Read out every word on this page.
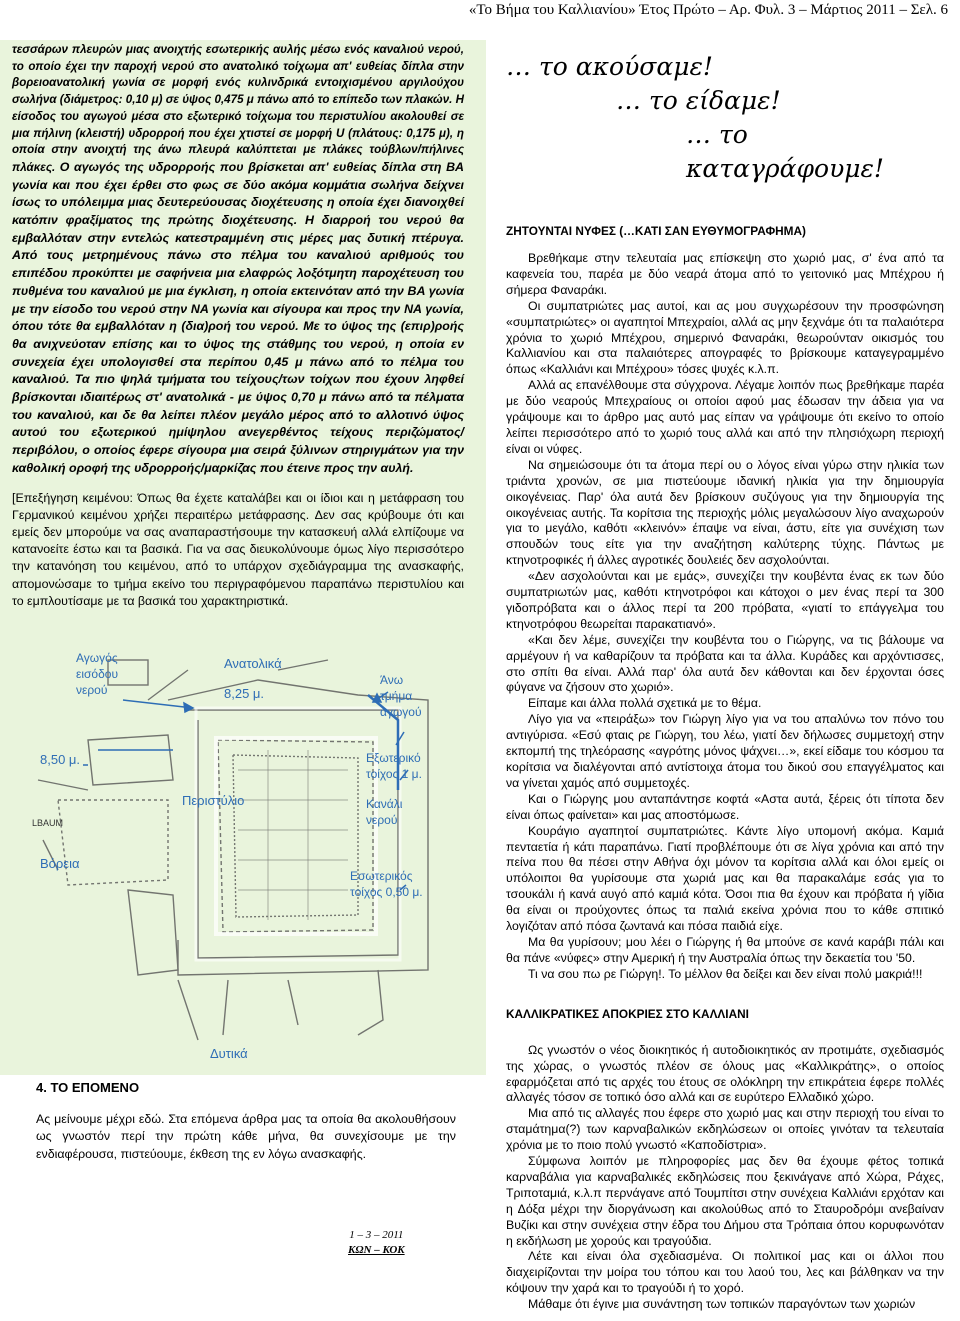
«Το Βήμα του Καλλιανίου» Έτος Πρώτο – Αρ. Φυλ. 3 – Μάρτιος 2011 – Σελ. 6

τεσσάρων πλευρών μιας ανοιχτής εσωτερικής αυλής μέσω ενός καναλιού νερού, το οποίο έχει την παροχή νερού στο ανατολικό τοίχωμα απ' ευθείας δίπλα στην βορειοανατολική γωνία σε μορφή ενός κυλινδρικά εντοιχισμένου αργιλούχου σωλήνα (διάμετρος: 0,10 μ) σε ύψος 0,475 μ πάνω από το επίπεδο των πλακών. Η είσοδος του αγωγού μέσα στο εξωτερικό τοίχωμα του περιστυλίου ακολουθεί σε μια πήλινη (κλειστή) υδρορροή που έχει χτιστεί σε μορφή U (πλάτους: 0,175 μ), η οποία στην ανοιχτή της άνω πλευρά καλύπτεται με πλάκες τούβλων/πήλινες πλάκες. Ο αγωγός της υδρορροής που βρίσκεται απ' ευθείας δίπλα στη ΒΑ γωνία και που έχει έρθει στο φως σε δύο ακόμα κομμάτια σωλήνα δείχνει ίσως το υπόλειμμα μιας δευτερεύουσας διοχέτευσης η οποία έχει διανοιχθεί κατόπιν φραξίματος της πρώτης διοχέτευσης. Η διαρροή του νερού θα εμβαλλόταν στην εντελώς κατεστραμμένη στις μέρες μας δυτική πτέρυγα. Από τους μετρημένους πάνω στο πέλμα του καναλιού αριθμούς του επιπέδου προκύπτει με σαφήνεια μια ελαφρώς λοξότμητη παροχέτευση του πυθμένα του καναλιού με μια έγκλιση, η οποία εκτεινόταν από την ΒΑ γωνία με την είσοδο του νερού στην ΝΑ γωνία και σίγουρα και προς την ΝΑ γωνία, όπου τότε θα εμβαλλόταν η (δια)ροή του νερού. Με το ύψος της (επιρ)ροής θα ανιχνεύοταν επίσης και το ύψος της στάθμης του νερού, η οποία εν συνεχεία έχει υπολογισθεί στα περίπου 0,45 μ πάνω από το πέλμα του καναλιού. Τα πιο ψηλά τμήματα του τείχους/των τοίχων που έχουν ληφθεί βρίσκονται ιδιαιτέρως στ' ανατολικά - με ύψος 0,70 μ πάνω από τα πέλματα του καναλιού, και δε θα λείπει πλέον μεγάλο μέρος από το αλλοτινό ύψος αυτού του εξωτερικού ημίψηλου ανεγερθέντος τείχους περιζώματος/περιβόλου, ο οποίος έφερε σίγουρα μια σειρά ξύλινων στηριγμάτων για την καθολική οροφή της υδρορροής/μαρκίζας που έτεινε προς την αυλή.

[Επεξήγηση κειμένου: Όπως θα έχετε καταλάβει και οι ίδιοι και η μετάφραση του Γερμανικού κειμένου χρήζει περαιτέρω μετάφρασης. Δεν σας κρύβουμε ότι και εμείς δεν μπορούμε να σας αναπαραστήσουμε την κατασκευή αλλά ελπίζουμε να κατανοείτε έστω και τα βασικά. Για να σας διευκολύνουμε όμως λίγο περισσότερο την κατανόηση του κειμένου, από το υπάρχον σχεδιάγραμμα της ανασκαφής, απομονώσαμε το τμήμα εκείνο του περιγραφόμενου παραπάνω περιστυλίου και το εμπλουτίσαμε με τα βασικά του χαρακτηριστικά.

Αγωγός
εισόδου
νερού
Ανατολικά
8,25 μ.
8,50 μ.
Άνω
τμήμα
αγωγού
Εξωτερικό
τοίχος 1 μ.
Περιστύλιο	Κανάλι
νερού
Βόρεια
Εσωτερικός
τοίχος 0,50 μ.
Δυτικά
LBAUM
4. ΤΟ ΕΠΟΜΕΝΟ

Ας μείνουμε μέχρι εδώ. Στα επόμενα άρθρα μας τα οποία θα ακολουθήσουν ως γνωστόν περί την πρώτη κάθε μήνα, θα συνεχίσουμε με την ενδιαφέρουσα, πιστεύουμε, έκθεση της εν λόγω ανασκαφής.

1 – 3 – 2011
ΚΩΝ – ΚΟΚ
… το ακούσαμε!
… το είδαμε!
… το καταγράφουμε!

ΖΗΤΟΥΝΤΑΙ ΝΥΦΕΣ (…ΚΑΤΙ ΣΑΝ ΕΥΘΥΜΟΓΡΑΦΗΜΑ)

Βρεθήκαμε στην τελευταία μας επίσκεψη στο χωριό μας, σ' ένα από τα καφενεία του, παρέα με δύο νεαρά άτομα από το γειτονικό μας Μπέχρου ή σήμερα Φαναράκι.

Οι συμπατριώτες μας αυτοί, και ας μου συγχωρέσουν την προσφώνηση «συμπατριώτες» οι αγαπητοί Μπεχραίοι, αλλά ας μην ξεχνάμε ότι τα παλαιότερα χρόνια το χωριό Μπέχρου, σημερινό Φαναράκι, θεωρούνταν οικισμός του Καλλιανίου και στα παλαιότερες απογραφές το βρίσκουμε καταγεγραμμένο όπως «Καλλιάνι και Μπέχρου» τόσες ψυχές κ.λ.π.

Αλλά ας επανέλθουμε στα σύγχρονα. Λέγαμε λοιπόν πως βρεθήκαμε παρέα με δύο νεαρούς Μπεχραίους οι οποίοι αφού μας έδωσαν την άδεια για να γράψουμε και το άρθρο μας αυτό μας είπαν να γράψουμε ότι εκείνο το οποίο λείπει περισσότερο από το χωριό τους αλλά και από την πλησιόχωρη περιοχή είναι οι νύφες.

Να σημειώσουμε ότι τα άτομα περί ου ο λόγος είναι γύρω στην ηλικία των τριάντα χρονών, σε μια πιστεύουμε ιδανική ηλικία για την δημιουργία οικογένειας. Παρ' όλα αυτά δεν βρίσκουν συζύγους για την δημιουργία της οικογένειας αυτής. Τα κορίτσια της περιοχής μόλις μεγαλώσουν λίγο αναχωρούν για το μεγάλο, καθότι «κλεινόν» έπαψε να είναι, άστυ, είτε για συνέχιση των σπουδών τους είτε για την αναζήτηση καλύτερης τύχης. Πάντως με κτηνοτροφικές ή άλλες αγροτικές δουλειές δεν ασχολούνται.

«Δεν ασχολούνται και με εμάς», συνεχίζει την κουβέντα ένας εκ των δύο συμπατριωτών μας, καθότι κτηνοτρόφοι και κάτοχοι ο μεν ένας περί τα 300 γιδοπρόβατα και ο άλλος περί τα 200 πρόβατα, «γιατί το επάγγελμα του κτηνοτρόφου θεωρείται παρακατιανό».

«Και δεν λέμε, συνεχίζει την κουβέντα του ο Γιώργης, να τις βάλουμε να αρμέγουν ή να καθαρίζουν τα πρόβατα και τα άλλα. Κυράδες και αρχόντισσες, στο σπίτι θα είναι. Αλλά παρ' όλα αυτά δεν κάθονται και δεν έρχονται όσες φύγανε να ζήσουν στο χωριό».

Είπαμε και άλλα πολλά σχετικά με το θέμα.

Λίγο για να «πειράξω» τον Γιώργη λίγο για να του απαλύνω τον πόνο του αντιγύρισα. «Εσύ φταις ρε Γιώργη, του λέω, γιατί δεν δήλωσες συμμετοχή στην εκπομπή της τηλεόρασης «αγρότης μόνος ψάχνει…», εκεί είδαμε του κόσμου τα κορίτσια να διαλέγονται από αντίστοιχα άτομα του δικού σου επαγγέλματος και να γίνεται χαμός από συμμετοχές.

Και ο Γιώργης μου ανταπάντησε κοφτά «Αστα αυτά, ξέρεις ότι τίποτα δεν είναι όπως φαίνεται» και μας αποστόμωσε.

Κουράγιο αγαπητοί συμπατριώτες. Κάντε λίγο υπομονή ακόμα. Καμιά πενταετία ή κάτι παραπάνω. Γιατί προβλέπουμε ότι σε λίγα χρόνια και από την πείνα που θα πέσει στην Αθήνα όχι μόνον τα κορίτσια αλλά και όλοι εμείς οι υπόλοιποι θα γυρίσουμε στα χωριά μας και θα παρακαλάμε εσάς για το τσουκάλι ή κανά αυγό από καμιά κότα. Όσοι πια θα έχουν και πρόβατα ή γίδια θα είναι οι προύχοντες όπως τα παλιά εκείνα χρόνια που το κάθε σπιτικό λογιζόταν από πόσα ζωντανά και πόσα παιδιά είχε.

Μα θα γυρίσουν; μου λέει ο Γιώργης ή θα μπούνε σε κανά καράβι πάλι και θα πάνε «νύφες» στην Αμερική ή την Αυστραλία όπως την δεκαετία του '50.

Τι να σου πω ρε Γιώργη!. Το μέλλον θα δείξει και δεν είναι πολύ μακριά!!!

ΚΑΛΛΙΚΡΑΤΙΚΕΣ ΑΠΟΚΡΙΕΣ ΣΤΟ ΚΑΛΛΙΑΝΙ

Ως γνωστόν ο νέος διοικητικός ή αυτοδιοικητικός αν προτιμάτε, σχεδιασμός της χώρας, ο γνωστός πλέον σε όλους μας «Καλλικράτης», ο οποίος εφαρμόζεται από τις αρχές του έτους σε ολόκληρη την επικράτεια έφερε πολλές αλλαγές τόσον σε τοπικό όσο αλλά και σε ευρύτερο Ελλαδικό χώρο.

Μια από τις αλλαγές που έφερε στο χωριό μας και στην περιοχή του είναι το σταμάτημα(?) των καρναβαλικών εκδηλώσεων οι οποίες γινόταν τα τελευταία χρόνια με το ποιο πολύ γνωστό «Καποδίστρια».

Σύμφωνα λοιπόν με πληροφορίες μας δεν θα έχουμε φέτος τοπικά καρναβάλια για καρναβαλικές εκδηλώσεις που ξεκινάγανε από Χώρα, Ράχες, Τριποταμιά, κ.λ.π περνάγανε από Τουμπίτσι στην συνέχεια Καλλιάνι ερχόταν και η Δόξα μέχρι την διοργάνωση και ακολούθως από το Σταυροδρόμι ανεβαίναν Βυζίκι και στην συνέχεια στην έδρα του Δήμου στα Τρόπαια όπου κορυφωνόταν η εκδήλωση με χορούς και τραγούδια.

Λέτε και είναι όλα σχεδιασμένα. Οι πολιτικοί μας και οι άλλοι που διαχειρίζονται την μοίρα του τόπου και του λαού του, λες και βάλθηκαν να την κόψουν την χαρά και το τραγούδι ή το χορό.

Μάθαμε ότι έγινε μια συνάντηση των τοπικών παραγόντων των χωριών
